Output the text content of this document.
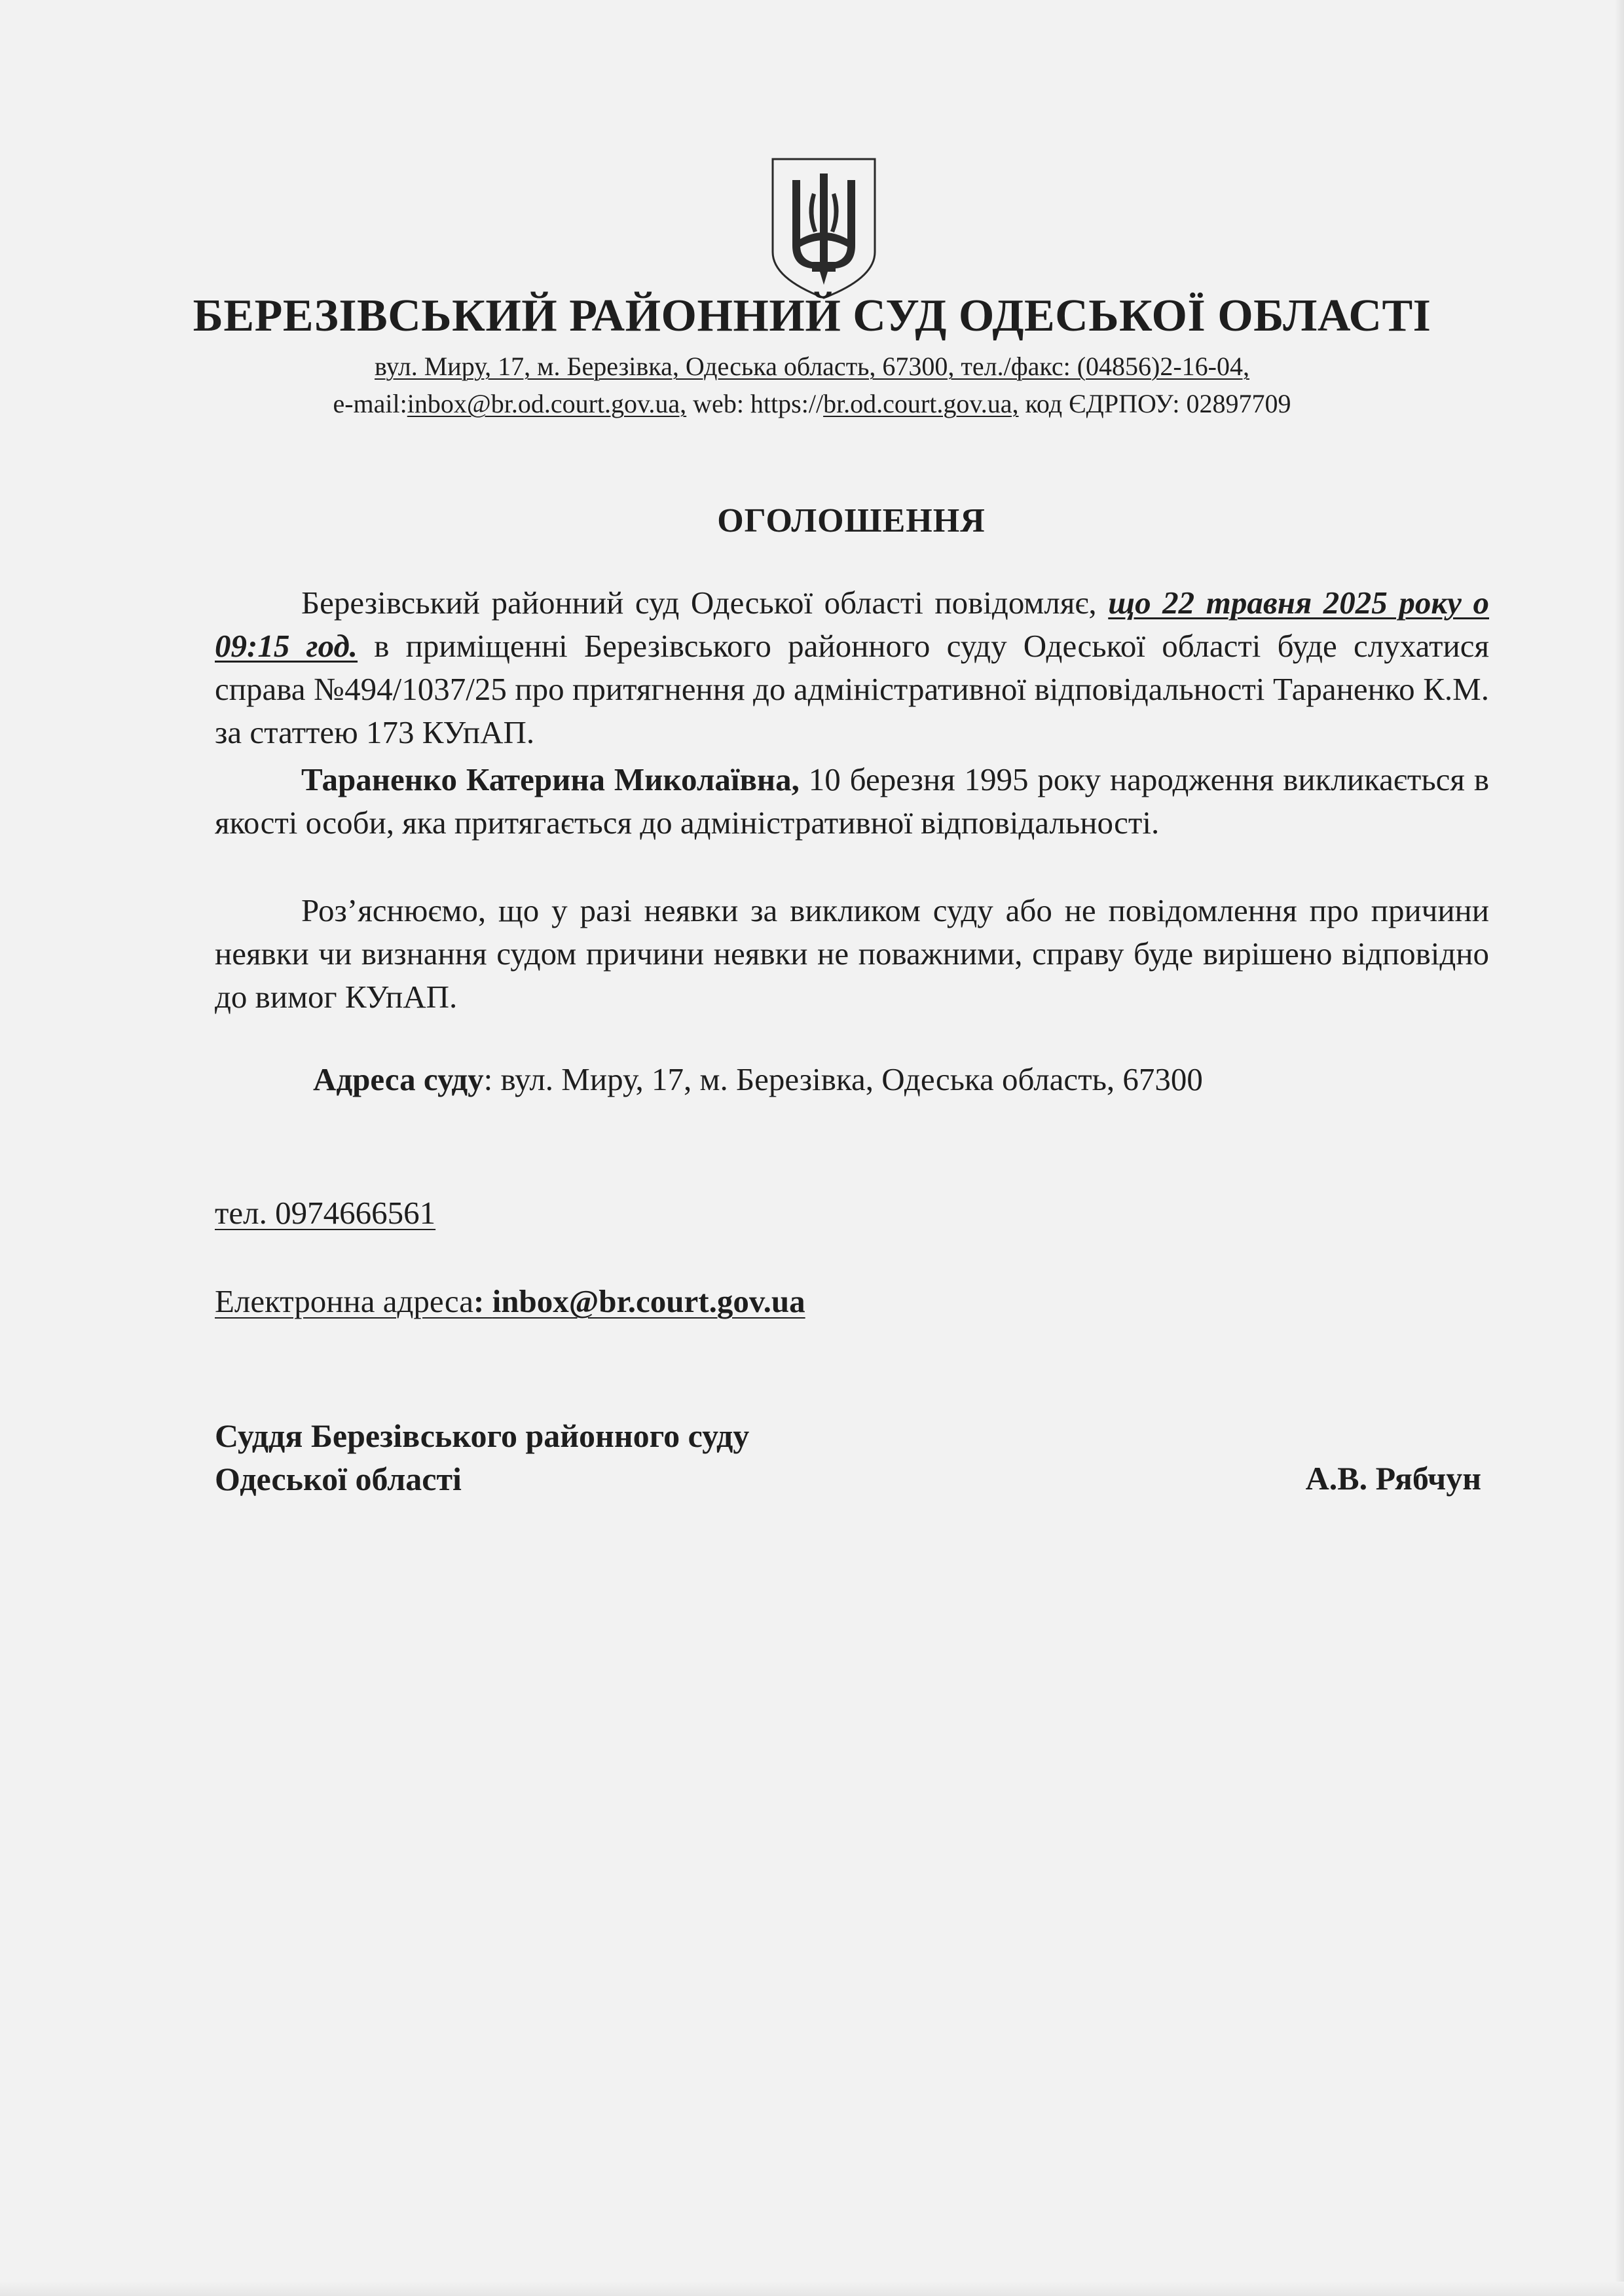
БЕРЕЗІВСЬКИЙ РАЙОННИЙ СУД ОДЕСЬКОЇ ОБЛАСТІ
вул. Миру, 17, м. Березівка, Одеська область, 67300, тел./факс: (04856)2-16-04,
e-mail:inbox@br.od.court.gov.ua, web: https://br.od.court.gov.ua, код ЄДРПОУ: 02897709
ОГОЛОШЕННЯ

Березівський районний суд Одеської області повідомляє, що 22 травня 2025 року о 09:15 год. в приміщенні Березівського районного суду Одеської області буде слухатися справа №494/1037/25 про притягнення до адміністративної відповідальності Тараненко К.М. за статтею 173 КУпАП.

Тараненко Катерина Миколаївна, 10 березня 1995 року народження викликається в якості особи, яка притягається до адміністративної відповідальності.

Роз’яснюємо, що у разі неявки за викликом суду або не повідомлення про причини неявки чи визнання судом причини неявки не поважними, справу буде вирішено відповідно до вимог КУпАП.

Адреса суду: вул. Миру, 17, м. Березівка, Одеська область, 67300
тел. 0974666561
Електронна адреса: inbox@br.court.gov.ua
Суддя Березівського районного суду
Одеської області	А.В. Рябчун
